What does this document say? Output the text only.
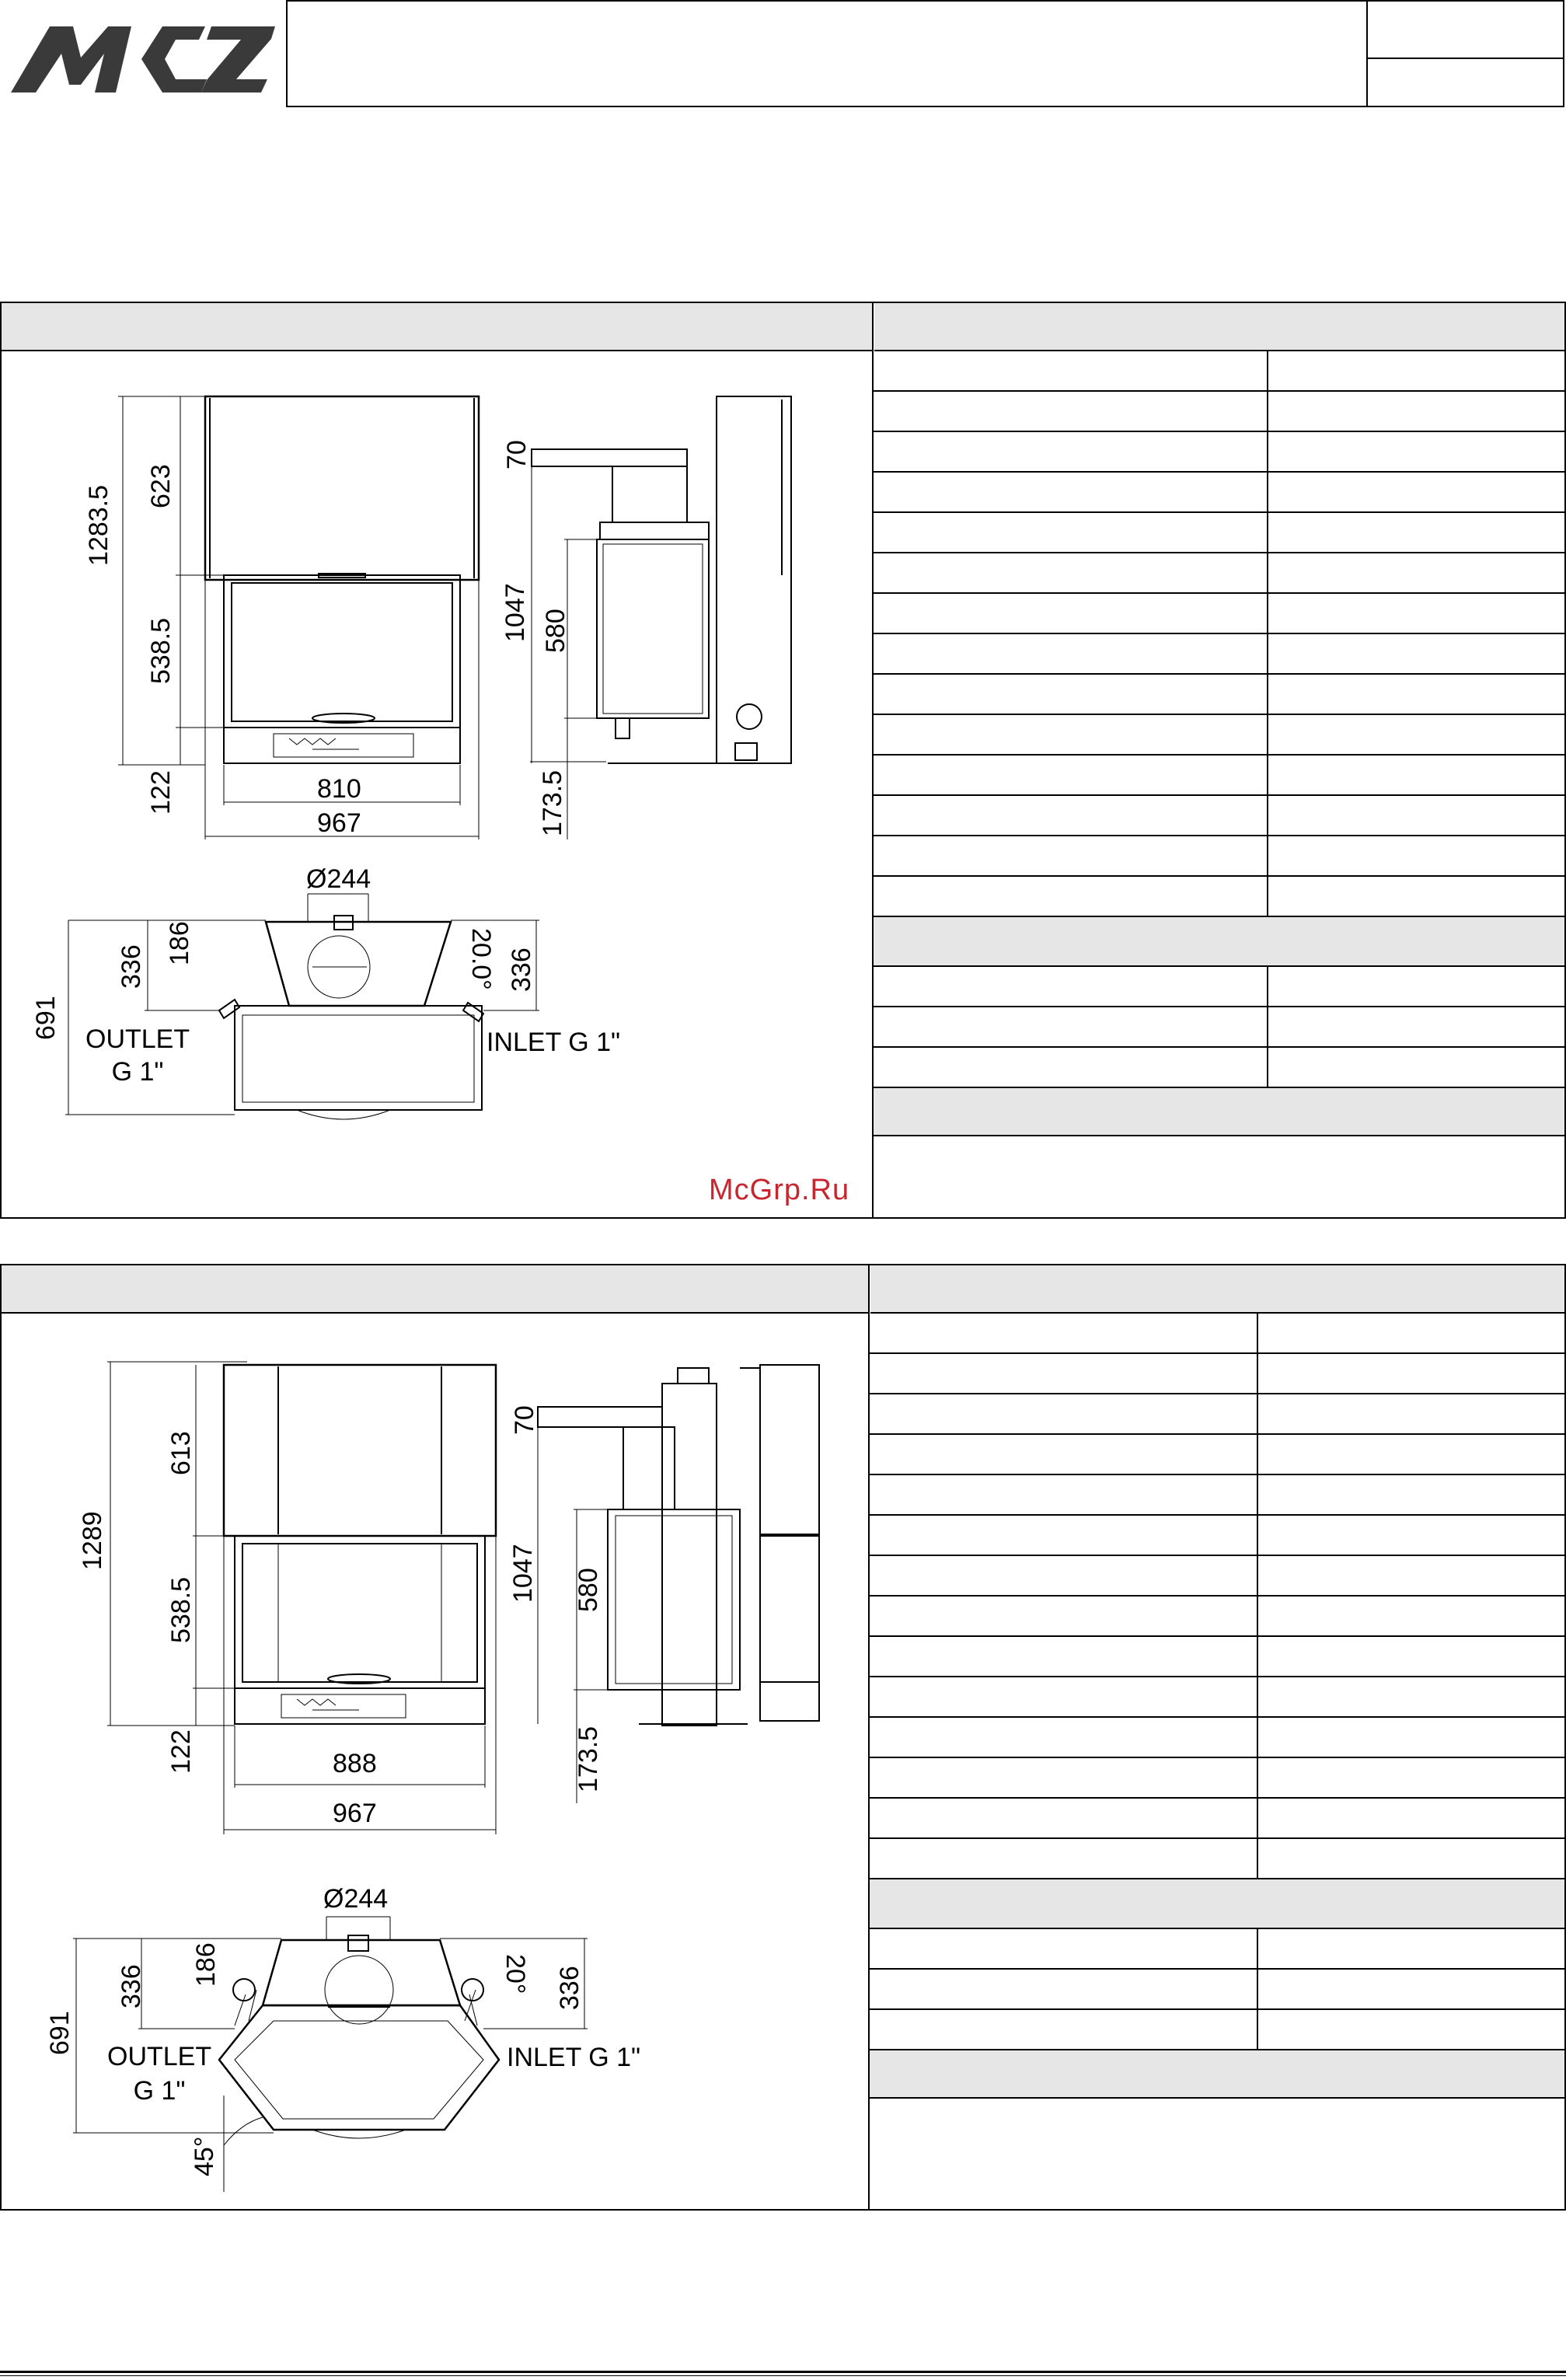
1283.5 623
538.5
122	810
967
70
1047 580
173.5
Ø244
186
336
691
20.0° 336
OUTLET
G 1"
INLET G 1"
McGrp.Ru
1289
613
538.5
122	888
967
70
1047 580
173.5
Ø244
186
336
691
20° 336
OUTLET
G 1"
INLET G 1"
45°
